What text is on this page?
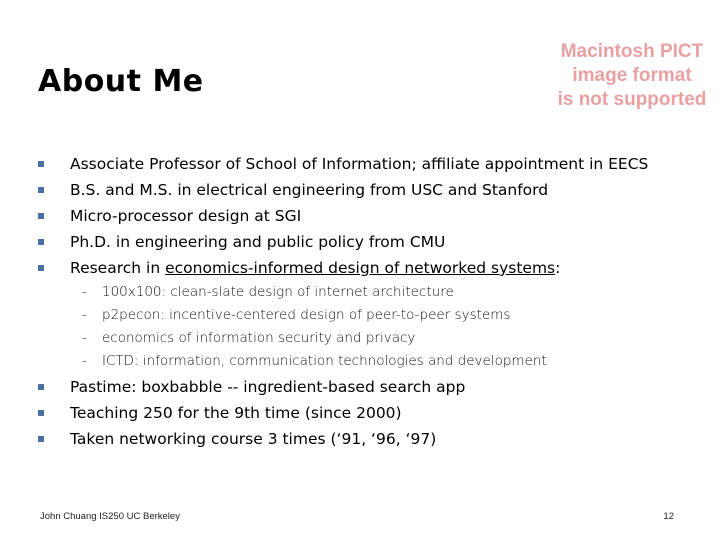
About Me
Macintosh PICT
image format
is not supported
Associate Professor of School of Information; affiliate appointment in EECS
B.S. and M.S. in electrical engineering from USC and Stanford
Micro-processor design at SGI
Ph.D. in engineering and public policy from CMU
Research in economics-informed design of networked systems:
- 100x100: clean-slate design of internet architecture
- p2pecon: incentive-centered design of peer-to-peer systems
- economics of information security and privacy
- ICTD: information, communication technologies and development
Pastime: boxbabble -- ingredient-based search app
Teaching 250 for the 9th time (since 2000)
Taken networking course 3 times (‘91, ‘96, ‘97)
John Chuang IS250 UC Berkeley	12
